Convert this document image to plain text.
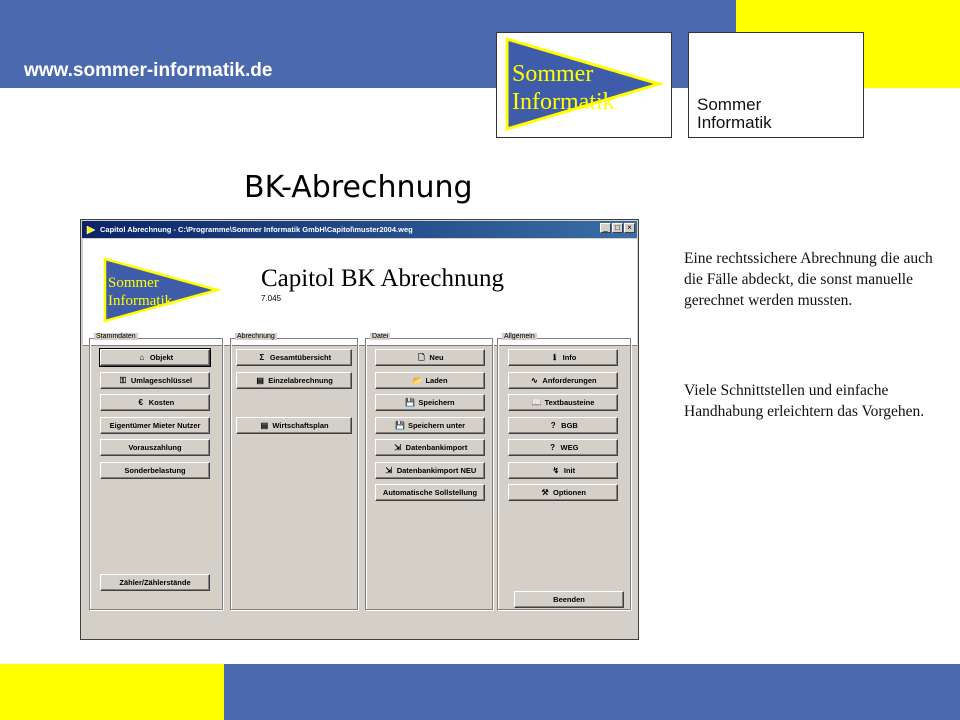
www.sommer-informatik.de	Sommer
Informatik	Sommer
Informatik
BK-Abrechnung
Eine rechtssichere Abrechnung die auch die Fälle abdeckt, die sonst manuelle gerechnet werden mussten.
Viele Schnittstellen und einfache Handhabung erleichtern das Vorgehen.
Capitol Abrechnung - C:\Programme\Sommer Informatik GmbH\Capitol\muster2004.weg	_ □ ×
Sommer
Informatik
Capitol BK Abrechnung
7.045
Stammdaten
⌂ Objekt
⚿ Umlageschlüssel
€ Kosten
Eigentümer Mieter Nutzer
Vorauszahlung
Sonderbelastung
Zähler/Zählerstände
Abrechnung
Σ Gesamtübersicht
▤ Einzelabrechnung
▤ Wirtschaftsplan
Datei
🗋 Neu
📂 Laden
💾 Speichern
💾 Speichern unter
⇲ Datenbankimport
⇲ Datenbankimport NEU
Automatische Sollstellung
Allgemein
ℹ Info
∿ Anforderungen
📖 Textbausteine
? BGB
? WEG
↯ Init
⚒ Optionen
Beenden
